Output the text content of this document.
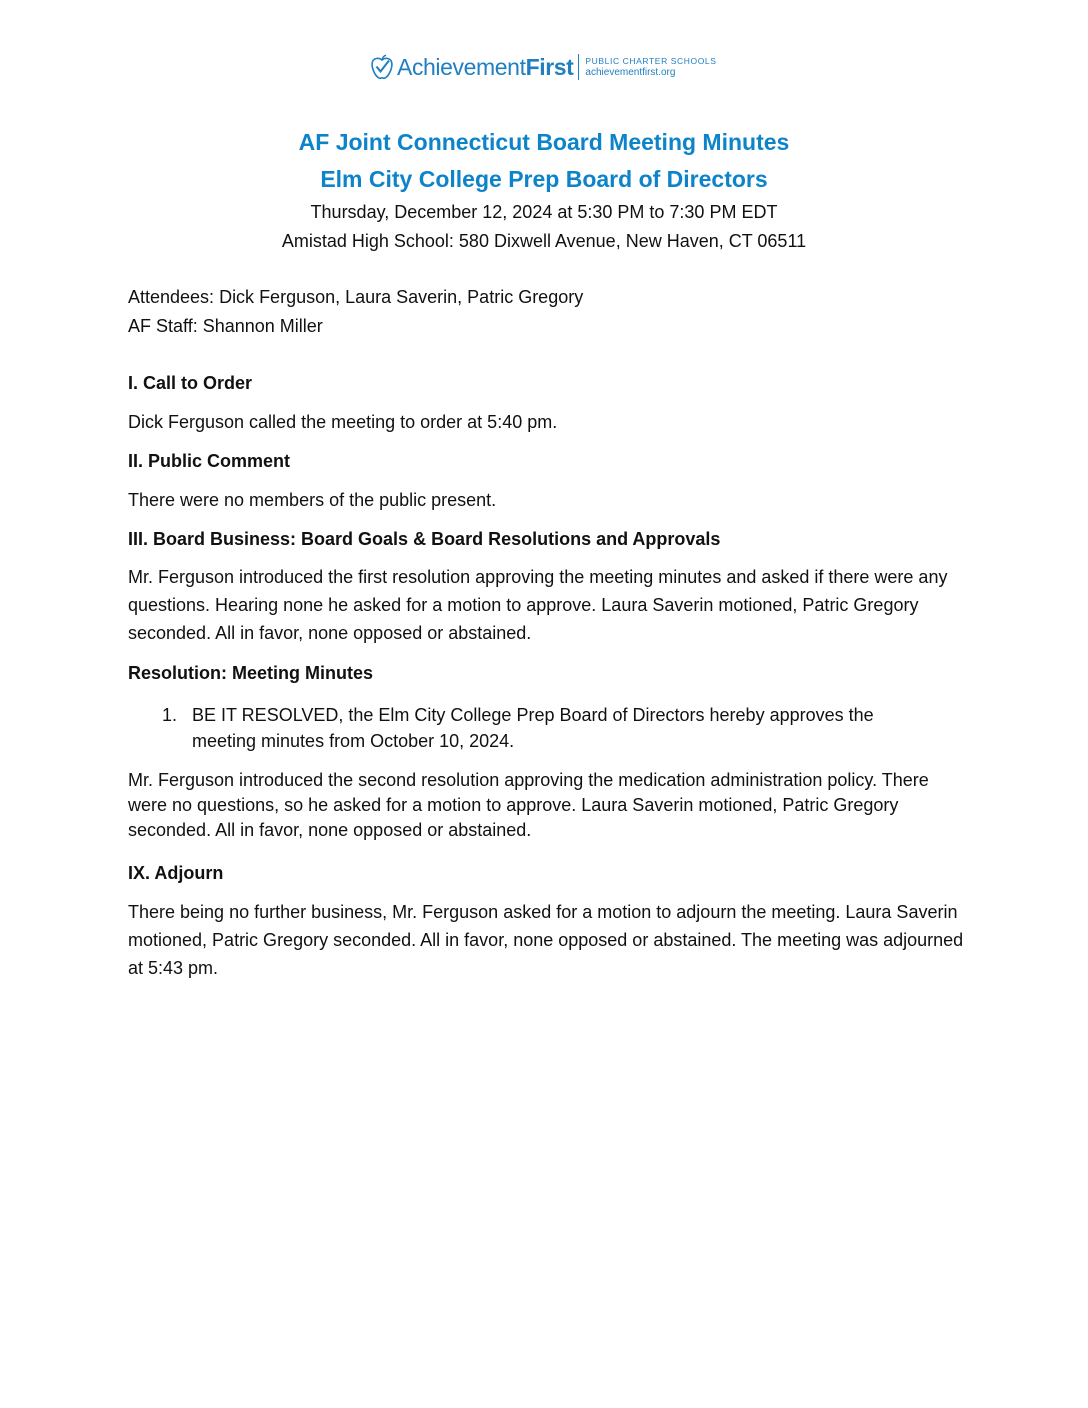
AchievementFirst PUBLIC CHARTER SCHOOLS
achievementfirst.org
AF Joint Connecticut Board Meeting Minutes
Elm City College Prep Board of Directors
Thursday, December 12, 2024 at 5:30 PM to 7:30 PM EDT
Amistad High School: 580 Dixwell Avenue, New Haven, CT 06511
Attendees: Dick Ferguson, Laura Saverin, Patric Gregory
AF Staff: Shannon Miller
I. Call to Order
Dick Ferguson called the meeting to order at 5:40 pm.
II. Public Comment
There were no members of the public present.
III. Board Business: Board Goals & Board Resolutions and Approvals
Mr. Ferguson introduced the first resolution approving the meeting minutes and asked if there were any questions. Hearing none he asked for a motion to approve. Laura Saverin motioned, Patric Gregory seconded. All in favor, none opposed or abstained.
Resolution: Meeting Minutes
1. BE IT RESOLVED, the Elm City College Prep Board of Directors hereby approves the meeting minutes from October 10, 2024.
Mr. Ferguson introduced the second resolution approving the medication administration policy. There were no questions, so he asked for a motion to approve. Laura Saverin motioned, Patric Gregory seconded. All in favor, none opposed or abstained.
IX. Adjourn
There being no further business, Mr. Ferguson asked for a motion to adjourn the meeting. Laura Saverin motioned, Patric Gregory seconded. All in favor, none opposed or abstained. The meeting was adjourned at 5:43 pm.
